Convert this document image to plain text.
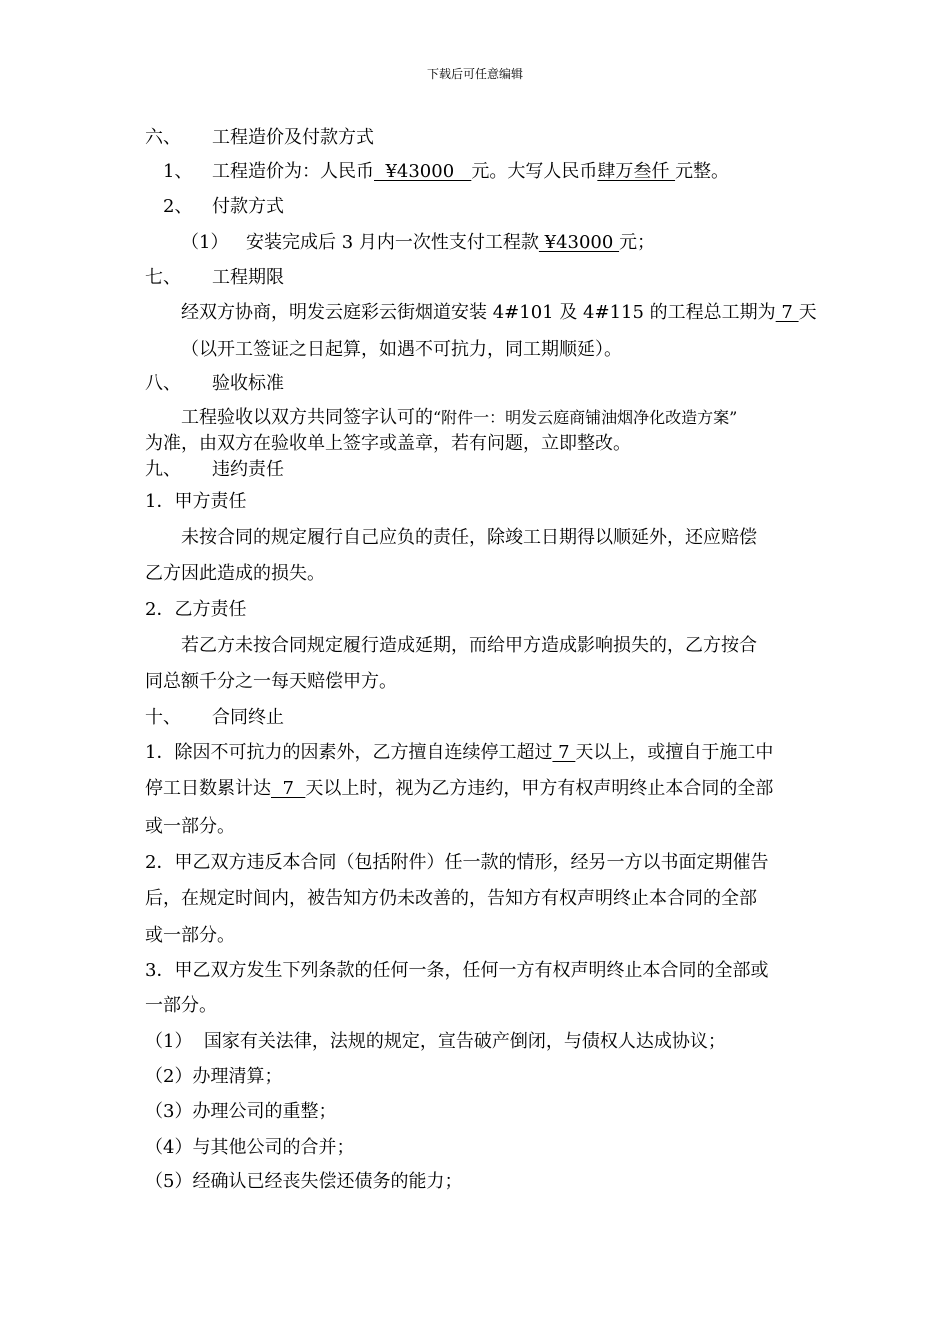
下载后可任意编辑
六、 工程造价及付款方式
1、 工程造价为：人民币  ¥43000   元。大写人民币肆万叁仟 元整。
2、 付款方式
（1） 安装完成后 3 月内一次性支付工程款 ¥43000 元；
七、 工程期限
经双方协商，明发云庭彩云街烟道安装 4#101 及 4#115 的工程总工期为 7 天
（以开工签证之日起算，如遇不可抗力，同工期顺延）。
八、 验收标准
工程验收以双方共同签字认可的“附件一：明发云庭商铺油烟净化改造方案”
为准，由双方在验收单上签字或盖章，若有问题，立即整改。
九、 违约责任
1．甲方责任
未按合同的规定履行自己应负的责任，除竣工日期得以顺延外，还应赔偿
乙方因此造成的损失。
2．乙方责任
若乙方未按合同规定履行造成延期，而给甲方造成影响损失的，乙方按合
同总额千分之一每天赔偿甲方。
十、 合同终止
1．除因不可抗力的因素外，乙方擅自连续停工超过 7 天以上，或擅自于施工中
停工日数累计达  7  天以上时，视为乙方违约，甲方有权声明终止本合同的全部
或一部分。
2．甲乙双方违反本合同（包括附件）任一款的情形，经另一方以书面定期催告
后，在规定时间内，被告知方仍未改善的，告知方有权声明终止本合同的全部
或一部分。
3．甲乙双方发生下列条款的任何一条，任何一方有权声明终止本合同的全部或
一部分。
（1）  国家有关法律，法规的规定，宣告破产倒闭，与债权人达成协议；
（2）办理清算；
（3）办理公司的重整；
（4）与其他公司的合并；
（5）经确认已经丧失偿还债务的能力；
